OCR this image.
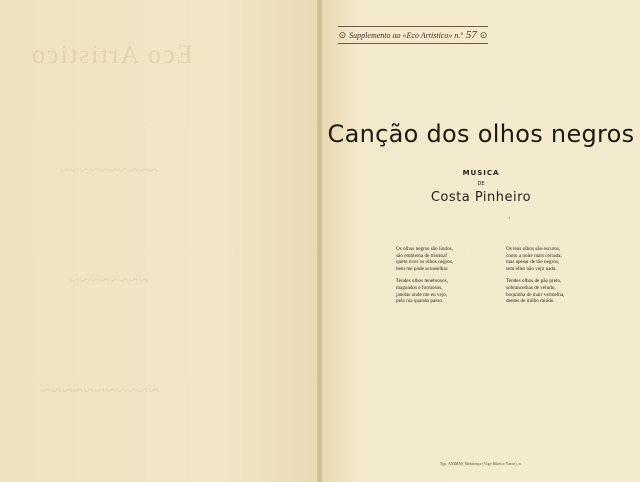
Eco Artistico
~~~~~~~~~~
~~~~~~~~
~~~~~~~~~~~
⊙ Supplemento ao «Eco Artistico» n.º 57 ⊙
Canção dos olhos negros
MUSICA
DE
Costa Pinheiro
·
Os olhos negros são lindos,
são emblema de tristeza!
quem tiver os olhos negros,
bem me pode aconselhar.
Tendes olhos tenebrosos,
magoados e formosos,
janelas onde me eu vejo,
pela rua quando passo.
Os teus olhos são escuros,
como a noite mais cerrada;
mas apesar de tão negros,
sem elles não vejo nada.
Tendes olhos de pão preto,
sobrancelhas de veludo,
boquinha de marr vermelha,
dentes de milho miúdo.
Typ. ANIMAS Mendonça (Vigo Ribeira Vasco), n.
